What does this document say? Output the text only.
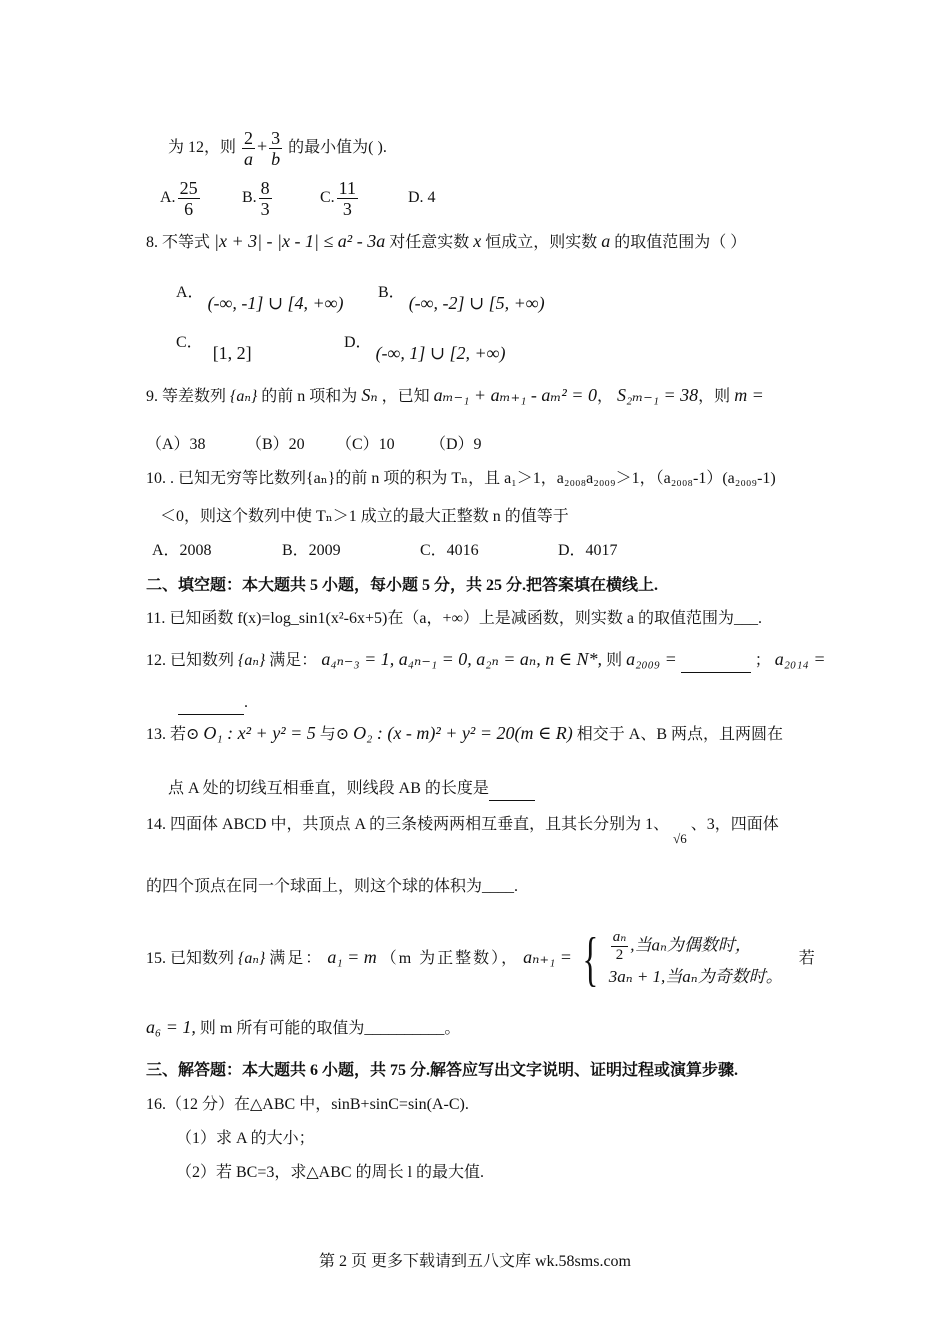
为 12，则 $\frac{2}{a} + \frac{3}{b}$ 的最小值为( ).
A. $\frac{25}{6}$	B. $\frac{8}{3}$	C. $\frac{11}{3}$	D. 4
8. 不等式 |x + 3| - |x - 1| ≤ a² - 3a 对任意实数 x 恒成立，则实数 a 的取值范围为（ ）
A． (-∞, -1] ∪ [4, +∞)
B． (-∞, -2] ∪ [5, +∞)
C． [1, 2]
D． (-∞, 1] ∪ [2, +∞)
9. 等差数列 {aₙ} 的前 n 项和为 Sₙ ，已知 aₘ₋₁ + aₘ₊₁ - aₘ² = 0， S₂ₘ₋₁ = 38，则 m =
（A）38	（B）20 （C）10 （D）9
10. . 已知无穷等比数列{aₙ}的前 n 项的积为 Tₙ，且 a₁＞1，a₂₀₀₈a₂₀₀₉＞1，（a₂₀₀₈-1）(a₂₀₀₉-1)
＜0，则这个数列中使 Tₙ＞1 成立的最大正整数 n 的值等于
A．2008	B．2009	C．4016	D．4017
二、填空题：本大题共 5 小题，每小题 5 分，共 25 分.把答案填在横线上.
11. 已知函数 f(x)=log_sin1(x²-6x+5)在（a，+∞）上是减函数，则实数 a 的取值范围为___.
12. 已知数列 {aₙ} 满足： a₄ₙ₋₃ = 1, a₄ₙ₋₁ = 0, a₂ₙ = aₙ, n ∈ N*, 则 a₂₀₀₉ =	； a₂₀₁₄ =
.
13. 若⊙ O₁ : x² + y² = 5 与⊙ O₂ : (x - m)² + y² = 20(m ∈ R) 相交于 A、B 两点，且两圆在
点 A 处的切线互相垂直，则线段 AB 的长度是
14. 四面体 ABCD 中，共顶点 A 的三条棱两两相互垂直，且其长分别为 1、 $_{√6}$ 、3，四面体
的四个顶点在同一个球面上，则这个球的体积为____.
15. 已知数列 {aₙ} 满足： a₁ = m （m 为正整数）， aₙ₊₁ = { $\frac{\text{aₙ}}{2}$ ,当aₙ为偶数时，
3aₙ + 1,当aₙ为奇数时。
若
a₆ = 1, 则 m 所有可能的取值为__________。
三、解答题：本大题共 6 小题，共 75 分.解答应写出文字说明、证明过程或演算步骤.
16.（12 分）在△ABC 中，sinB+sinC=sin(A-C).
（1）求 A 的大小；
（2）若 BC=3，求△ABC 的周长 l 的最大值.
第 2 页 更多下载请到五八文库 wk.58sms.com
